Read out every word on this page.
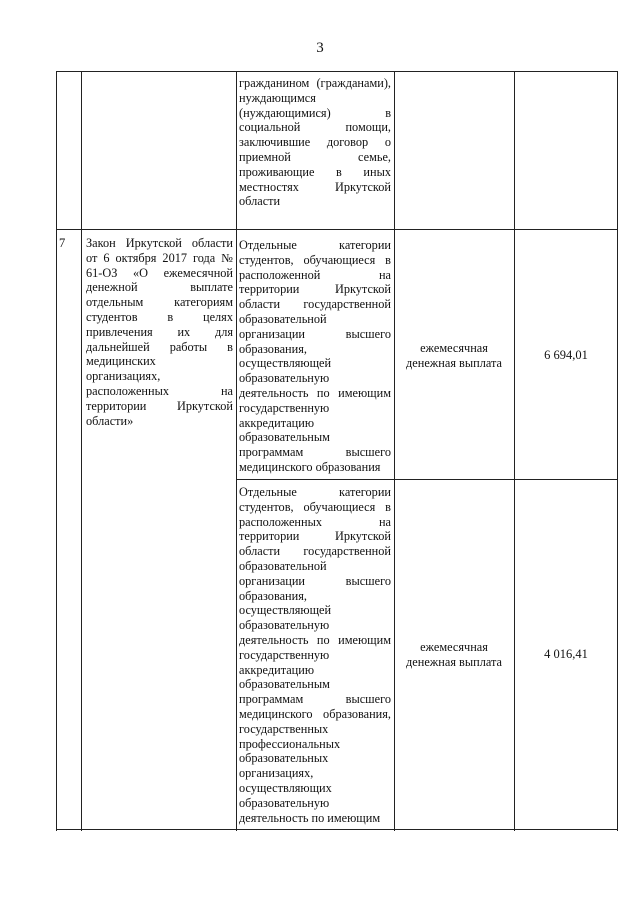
3
гражданином (гражданами), нуждающимся (нуждающимися) в социальной помощи, заключившие договор о приемной семье, проживающие в иных местностях Иркутской области
7	Закон Иркутской области от 6 октября 2017 года № 61-ОЗ «О ежемесячной денежной выплате отдельным категориям студентов в целях привлечения их для дальнейшей работы в медицинских организациях, расположенных на территории Иркутской области»
Отдельные категории студентов, обучающиеся в расположенной на территории Иркутской области государственной образовательной организации высшего образования, осуществляющей образовательную деятельность по имеющим государственную аккредитацию образовательным программам высшего медицинского образования
ежемесячная денежная выплата
6 694,01
Отдельные категории студентов, обучающиеся в расположенных на территории Иркутской области государственной образовательной организации высшего образования, осуществляющей образовательную деятельность по имеющим государственную аккредитацию образовательным программам высшего медицинского образования, государственных профессиональных образовательных организациях, осуществляющих образовательную деятельность по имеющим
ежемесячная денежная выплата
4 016,41
